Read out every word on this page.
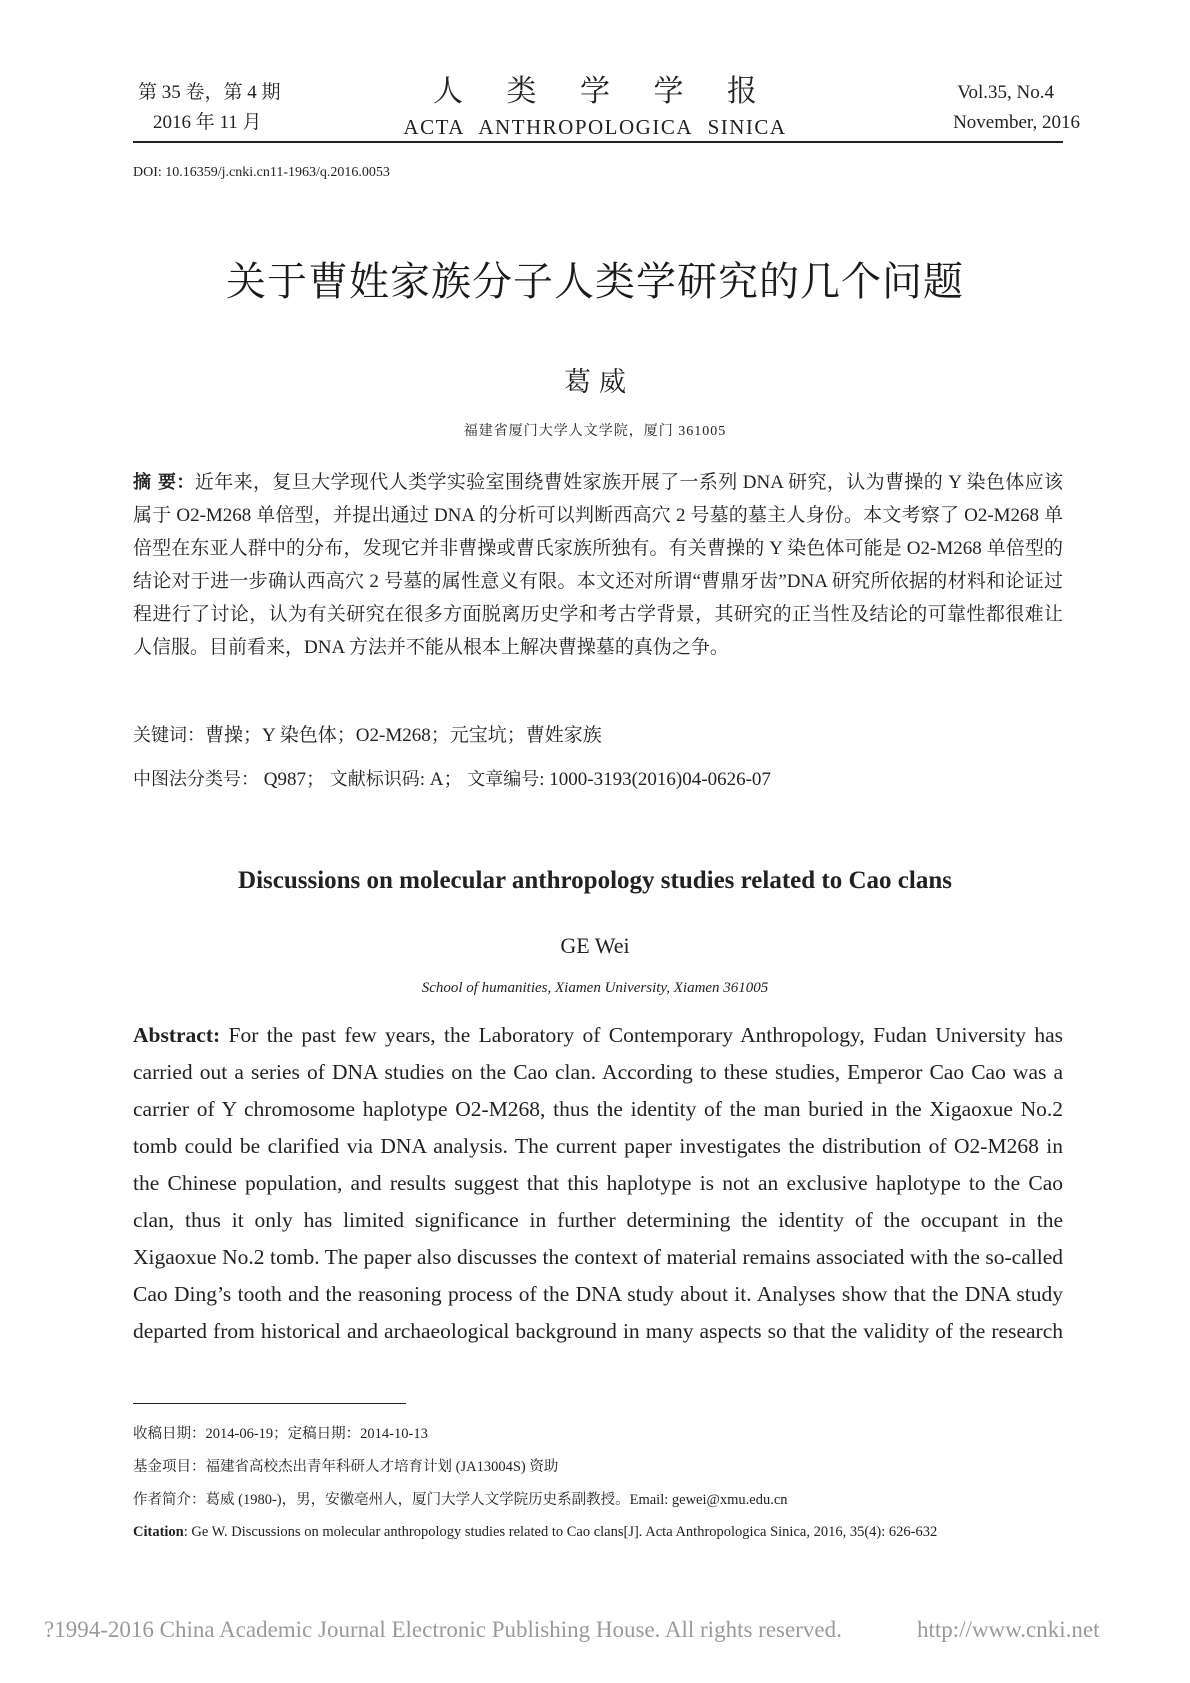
第 35 卷，第 4 期
2016 年 11 月
人 类 学 学 报
ACTA ANTHROPOLOGICA SINICA
Vol.35, No.4
November, 2016
DOI: 10.16359/j.cnki.cn11-1963/q.2016.0053
关于曹姓家族分子人类学研究的几个问题
葛威
福建省厦门大学人文学院，厦门 361005
摘 要：近年来，复旦大学现代人类学实验室围绕曹姓家族开展了一系列 DNA 研究，认为曹操的 Y 染色体应该属于 O2-M268 单倍型，并提出通过 DNA 的分析可以判断西高穴 2 号墓的墓主人身份。本文考察了 O2-M268 单倍型在东亚人群中的分布，发现它并非曹操或曹氏家族所独有。有关曹操的 Y 染色体可能是 O2-M268 单倍型的结论对于进一步确认西高穴 2 号墓的属性意义有限。本文还对所谓“曹鼎牙齿”DNA 研究所依据的材料和论证过程进行了讨论，认为有关研究在很多方面脱离历史学和考古学背景，其研究的正当性及结论的可靠性都很难让人信服。目前看来，DNA 方法并不能从根本上解决曹操墓的真伪之争。
关键词：曹操；Y 染色体；O2-M268；元宝坑；曹姓家族
中图法分类号： Q987； 文献标识码: A； 文章编号: 1000-3193(2016)04-0626-07
Discussions on molecular anthropology studies related to Cao clans
GE Wei
School of humanities, Xiamen University, Xiamen 361005
Abstract: For the past few years, the Laboratory of Contemporary Anthropology, Fudan University has carried out a series of DNA studies on the Cao clan. According to these studies, Emperor Cao Cao was a carrier of Y chromosome haplotype O2-M268, thus the identity of the man buried in the Xigaoxue No.2 tomb could be clarified via DNA analysis. The current paper investigates the distribution of O2-M268 in the Chinese population, and results suggest that this haplotype is not an exclusive haplotype to the Cao clan, thus it only has limited significance in further determining the identity of the occupant in the Xigaoxue No.2 tomb. The paper also discusses the context of material remains associated with the so-called Cao Ding’s tooth and the reasoning process of the DNA study about it. Analyses show that the DNA study departed from historical and archaeological background in many aspects so that the validity of the research
收稿日期：2014-06-19；定稿日期：2014-10-13
基金项目：福建省高校杰出青年科研人才培育计划 (JA13004S) 资助
作者简介：葛威 (1980-)，男，安徽亳州人，厦门大学人文学院历史系副教授。Email: gewei@xmu.edu.cn
Citation: Ge W. Discussions on molecular anthropology studies related to Cao clans[J]. Acta Anthropologica Sinica, 2016, 35(4): 626-632
?1994-2016 China Academic Journal Electronic Publishing House. All rights reserved.	http://www.cnki.net
